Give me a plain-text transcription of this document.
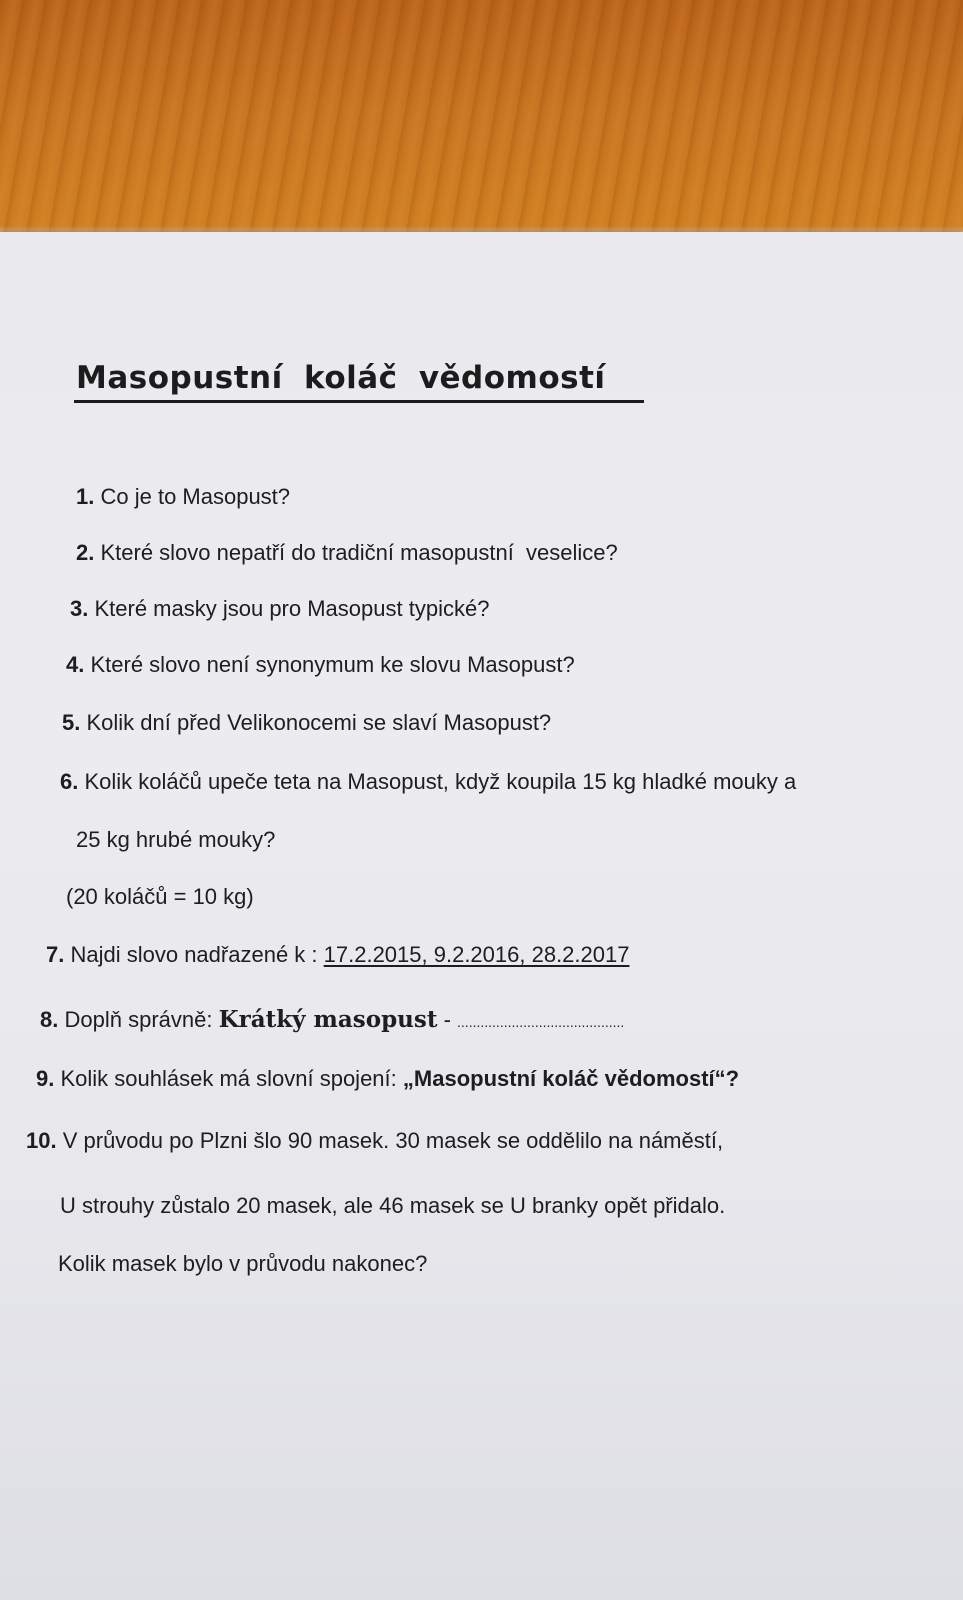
Masopustní koláč vědomostí
1. Co je to Masopust?
2. Které slovo nepatří do tradiční masopustní  veselice?
3. Které masky jsou pro Masopust typické?
4. Které slovo není synonymum ke slovu Masopust?
5. Kolik dní před Velikonocemi se slaví Masopust?
6. Kolik koláčů upeče teta na Masopust, když koupila 15 kg hladké mouky a
25 kg hrubé mouky?
(20 koláčů = 10 kg)
7. Najdi slovo nadřazené k : 17.2.2015, 9.2.2016, 28.2.2017
8. Doplň správně: Krátký masopust - ...........................................
9. Kolik souhlásek má slovní spojení: „Masopustní koláč vědomostí“?
10. V průvodu po Plzni šlo 90 masek. 30 masek se oddělilo na náměstí,
U strouhy zůstalo 20 masek, ale 46 masek se U branky opět přidalo.
Kolik masek bylo v průvodu nakonec?
